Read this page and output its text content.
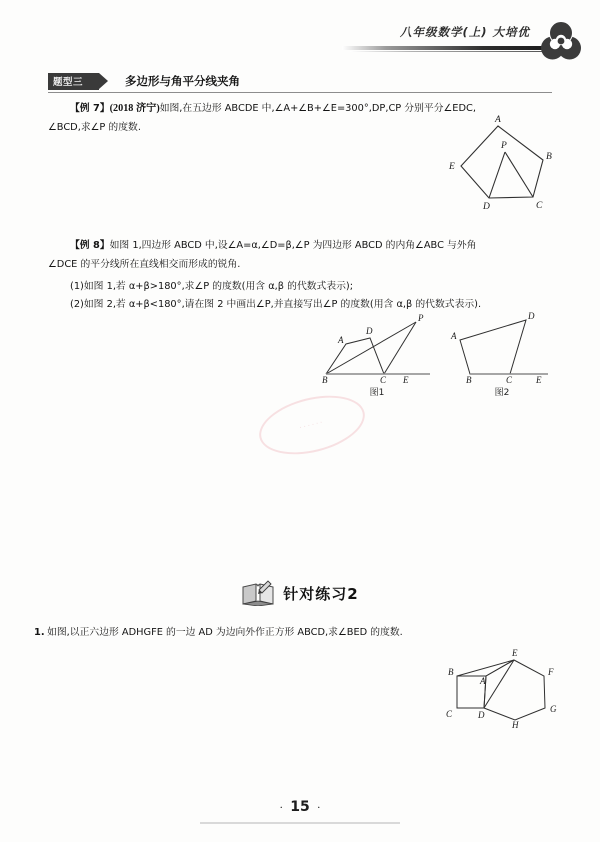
八年级数学(上) 大培优
题型三	多边形与角平分线夹角
【例 7】(2018 济宁)如图,在五边形 ABCDE 中,∠A+∠B+∠E=300°,DP,CP 分别平分∠EDC,
∠BCD,求∠P 的度数.
A
B
C
D
E
P
【例 8】如图 1,四边形 ABCD 中,设∠A=α,∠D=β,∠P 为四边形 ABCD 的内角∠ABC 与外角
∠DCE 的平分线所在直线相交而形成的锐角.
(1)如图 1,若 α+β>180°,求∠P 的度数(用含 α,β 的代数式表示);
(2)如图 2,若 α+β<180°,请在图 2 中画出∠P,并直接写出∠P 的度数(用含 α,β 的代数式表示).
A
B	C
D
E
P
图1
A
B	C
D
E
图2
······
针对练习2
1. 如图,以正六边形 ADHGFE 的一边 AD 为边向外作正方形 ABCD,求∠BED 的度数.
A
B
C	D
E
F
G
H
· 15 ·
